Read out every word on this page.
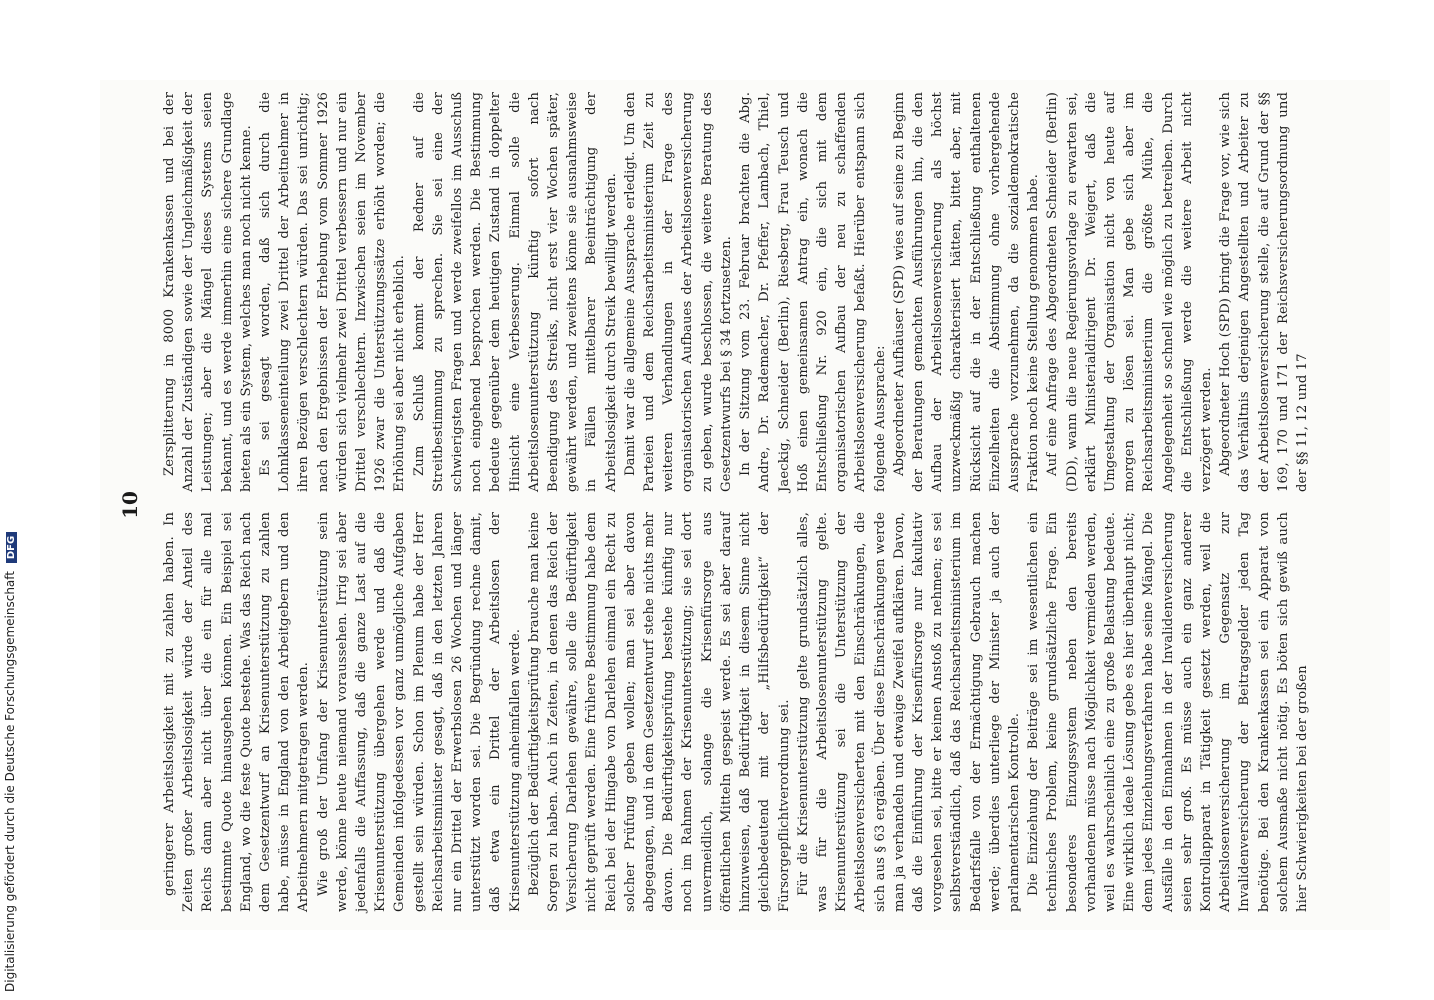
Digitalisierung gefördert durch die Deutsche Forschungsgemeinschaft DFG
10

geringerer Arbeitslosigkeit mit zu zahlen haben. In Zeiten großer Arbeitslosigkeit würde der Anteil des Reichs dann aber nicht über die ein für alle mal bestimmte Quote hinausgehen können. Ein Beispiel sei England, wo die feste Quote bestehe. Was das Reich nach dem Gesetzentwurf an Krisenunterstützung zu zahlen habe, müsse in England von den Arbeitgebern und den Arbeitnehmern mitgetragen werden. Wie groß der Umfang der Krisenunterstützung sein werde, könne heute niemand voraussehen. Irrig sei aber jedenfalls die Auffassung, daß die ganze Last auf die Krisenunterstützung übergehen werde und daß die Gemeinden infolgedessen vor ganz unmögliche Aufgaben gestellt sein würden. Schon im Plenum habe der Herr Reichsarbeitsminister gesagt, daß in den letzten Jahren nur ein Drittel der Erwerbslosen 26 Wochen und länger unterstützt worden sei. Die Begründung rechne damit, daß etwa ein Drittel der Arbeitslosen der Krisenunterstützung anheimfallen werde. Bezüglich der Bedürftigkeitsprüfung brauche man keine Sorgen zu haben. Auch in Zeiten, in denen das Reich der Versicherung Darlehen gewähre, solle die Bedürftigkeit nicht geprüft werden. Eine frühere Bestimmung habe dem Reich bei der Hingabe von Darlehen einmal ein Recht zu solcher Prüfung geben wollen; man sei aber davon abgegangen, und in dem Gesetzentwurf stehe nichts mehr davon. Die Bedürftigkeitsprüfung bestehe künftig nur noch im Rahmen der Krisenunterstützung; sie sei dort unvermeidlich, solange die Krisenfürsorge aus öffentlichen Mitteln gespeist werde. Es sei aber darauf hinzuweisen, daß Bedürftigkeit in diesem Sinne nicht gleichbedeutend mit der „Hilfsbedürftigkeit“ der Fürsorgepflichtverordnung sei. Für die Krisenunterstützung gelte grundsätzlich alles, was für die Arbeitslosenunterstützung gelte. Krisenunterstützung sei die Unterstützung der Arbeitslosenversicherten mit den Einschränkungen, die sich aus § 63 ergäben. Über diese Einschränkungen werde man ja verhandeln und etwaige Zweifel aufklären. Davon, daß die Einführung der Krisenfürsorge nur fakultativ vorgesehen sei, bitte er keinen Anstoß zu nehmen; es sei selbstverständlich, daß das Reichsarbeitsministerium im Bedarfsfalle von der Ermächtigung Gebrauch machen werde; überdies unterliege der Minister ja auch der parlamentarischen Kontrolle. Die Einziehung der Beiträge sei im wesentlichen ein technisches Problem, keine grundsätzliche Frage. Ein besonderes Einzugssystem neben den bereits vorhandenen müsse nach Möglichkeit vermieden werden, weil es wahrscheinlich eine zu große Belastung bedeute. Eine wirklich ideale Lösung gebe es hier überhaupt nicht; denn jedes Einziehungsverfahren habe seine Mängel. Die Ausfälle in den Einnahmen in der Invalidenversicherung seien sehr groß. Es müsse auch ein ganz anderer Kontrollapparat in Tätigkeit gesetzt werden, weil die Arbeitslosenversicherung im Gegensatz zur Invalidenversicherung der Beitragsgelder jeden Tag benötige. Bei den Krankenkassen sei ein Apparat von solchem Ausmaße nicht nötig. Es böten sich gewiß auch hier Schwierigkeiten bei der großen

Zersplitterung in 8000 Krankenkassen und bei der Anzahl der Zuständigen sowie der Ungleichmäßigkeit der Leistungen; aber die Mängel dieses Systems seien bekannt, und es werde immerhin eine sichere Grundlage bieten als ein System, welches man noch nicht kenne. Es sei gesagt worden, daß sich durch die Lohnklasseneinteilung zwei Drittel der Arbeitnehmer in ihren Bezügen verschlechtern würden. Das sei unrichtig; nach den Ergebnissen der Erhebung vom Sommer 1926 würden sich vielmehr zwei Drittel verbessern und nur ein Drittel verschlechtern. Inzwischen seien im November 1926 zwar die Unterstützungssätze erhöht worden; die Erhöhung sei aber nicht erheblich. Zum Schluß kommt der Redner auf die Streitbestimmung zu sprechen. Sie sei eine der schwierigsten Fragen und werde zweifellos im Ausschuß noch eingehend besprochen werden. Die Bestimmung bedeute gegenüber dem heutigen Zustand in doppelter Hinsicht eine Verbesserung. Einmal solle die Arbeitslosenunterstützung künftig sofort nach Beendigung des Streiks, nicht erst vier Wochen später, gewährt werden, und zweitens könne sie ausnahmsweise in Fällen mittelbarer Beeinträchtigung der Arbeitslosigkeit durch Streik bewilligt werden. Damit war die allgemeine Aussprache erledigt. Um den Parteien und dem Reichsarbeitsministerium Zeit zu weiteren Verhandlungen in der Frage des organisatorischen Aufbaues der Arbeitslosenversicherung zu geben, wurde beschlossen, die weitere Beratung des Gesetzentwurfs bei § 34 fortzusetzen. In der Sitzung vom 23. Februar brachten die Abg. Andre, Dr. Rademacher, Dr. Pfeffer, Lambach, Thiel, Jaeckig, Schneider (Berlin), Riesberg, Frau Teusch und Hoß einen gemeinsamen Antrag ein, wonach die Entschließung Nr. 920 ein, die sich mit dem organisatorischen Aufbau der neu zu schaffenden Arbeitslosenversicherung befaßt. Hierüber entspann sich folgende Aussprache: Abgeordneter Aufhäuser (SPD) wies auf seine zu Beginn der Beratungen gemachten Ausführungen hin, die den Aufbau der Arbeitslosenversicherung als höchst unzweckmäßig charakterisiert hätten, bittet aber, mit Rücksicht auf die in der Entschließung enthaltenen Einzelheiten die Abstimmung ohne vorhergehende Aussprache vorzunehmen, da die sozialdemokratische Fraktion noch keine Stellung genommen habe. Auf eine Anfrage des Abgeordneten Schneider (Berlin) (DD), wann die neue Regierungsvorlage zu erwarten sei, erklärt Ministerialdirigent Dr. Weigert, daß die Umgestaltung der Organisation nicht von heute auf morgen zu lösen sei. Man gebe sich aber im Reichsarbeitsministerium die größte Mühe, die Angelegenheit so schnell wie möglich zu betreiben. Durch die Entschließung werde die weitere Arbeit nicht verzögert werden. Abgeordneter Hoch (SPD) bringt die Frage vor, wie sich das Verhältnis derjenigen Angestellten und Arbeiter zu der Arbeitslosenversicherung stelle, die auf Grund der §§ 169, 170 und 171 der Reichsversicherungsordnung und der §§ 11, 12 und 17
